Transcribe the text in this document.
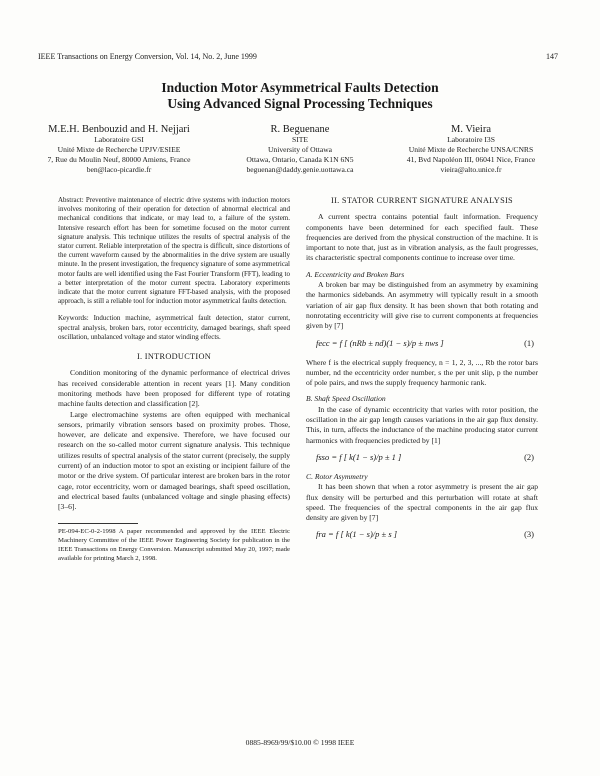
IEEE Transactions on Energy Conversion, Vol. 14, No. 2, June 1999	147
Induction Motor Asymmetrical Faults Detection
Using Advanced Signal Processing Techniques
M.E.H. Benbouzid and H. Nejjari
Laboratoire GSI
Unité Mixte de Recherche UPJV/ESIEE
7, Rue du Moulin Neuf, 80000 Amiens, France
ben@laco-picardie.fr
R. Beguenane
SITE
University of Ottawa
Ottawa, Ontario, Canada K1N 6N5
beguenan@daddy.genie.uottawa.ca
M. Vieira
Laboratoire I3S
Unité Mixte de Recherche UNSA/CNRS
41, Bvd Napoléon III, 06041 Nice, France
vieira@alto.unice.fr
Abstract: Preventive maintenance of electric drive systems with induction motors involves monitoring of their operation for detection of abnormal electrical and mechanical conditions that indicate, or may lead to, a failure of the system. Intensive research effort has been for sometime focused on the motor current signature analysis. This technique utilizes the results of spectral analysis of the stator current. Reliable interpretation of the spectra is difficult, since distortions of the current waveform caused by the abnormalities in the drive system are usually minute. In the present investigation, the frequency signature of some asymmetrical motor faults are well identified using the Fast Fourier Transform (FFT), leading to a better interpretation of the motor current spectra. Laboratory experiments indicate that the motor current signature FFT-based analysis, with the proposed approach, is still a reliable tool for induction motor asymmetrical faults detection.
Keywords: Induction machine, asymmetrical fault detection, stator current, spectral analysis, broken bars, rotor eccentricity, damaged bearings, shaft speed oscillation, unbalanced voltage and stator winding effects.

I. INTRODUCTION

Condition monitoring of the dynamic performance of electrical drives has received considerable attention in recent years [1]. Many condition monitoring methods have been proposed for different type of rotating machine faults detection and classification [2].

Large electromachine systems are often equipped with mechanical sensors, primarily vibration sensors based on proximity probes. Those, however, are delicate and expensive. Therefore, we have focused our research on the so-called motor current signature analysis. This technique utilizes results of spectral analysis of the stator current (precisely, the supply current) of an induction motor to spot an existing or incipient failure of the motor or the drive system. Of particular interest are broken bars in the rotor cage, rotor eccentricity, worn or damaged bearings, shaft speed oscillation, and electrical based faults (unbalanced voltage and single phasing effects) [3–6].

PE-094-EC-0-2-1998 A paper recommended and approved by the IEEE Electric Machinery Committee of the IEEE Power Engineering Society for publication in the IEEE Transactions on Energy Conversion. Manuscript submitted May 20, 1997; made available for printing March 2, 1998.

II. STATOR CURRENT SIGNATURE ANALYSIS

A current spectra contains potential fault information. Frequency components have been determined for each specified fault. These frequencies are derived from the physical construction of the machine. It is important to note that, just as in vibration analysis, as the fault progresses, its characteristic spectral components continue to increase over time.

A. Eccentricity and Broken Bars

A broken bar may be distinguished from an asymmetry by examining the harmonics sidebands. An asymmetry will typically result in a smooth variation of air gap flux density. It has been shown that both rotating and nonrotating eccentricity will give rise to current components at frequencies given by [7]

fecc = f [ (nRb ± nd)(1 − s)/p ± nws ]	(1)

Where f is the electrical supply frequency, n = 1, 2, 3, ..., Rb the rotor bars number, nd the eccentricity order number, s the per unit slip, p the number of pole pairs, and nws the supply frequency harmonic rank.

B. Shaft Speed Oscillation

In the case of dynamic eccentricity that varies with rotor position, the oscillation in the air gap length causes variations in the air gap flux density. This, in turn, affects the inductance of the machine producing stator current harmonics with frequencies predicted by [1]

fsso = f [ k(1 − s)/p ± 1 ]	(2)

C. Rotor Asymmetry

It has been shown that when a rotor asymmetry is present the air gap flux density will be perturbed and this perturbation will rotate at shaft speed. The frequencies of the spectral components in the air gap flux density are given by [7]

fra = f [ k(1 − s)/p ± s ]	(3)
0885-8969/99/$10.00 © 1998 IEEE
